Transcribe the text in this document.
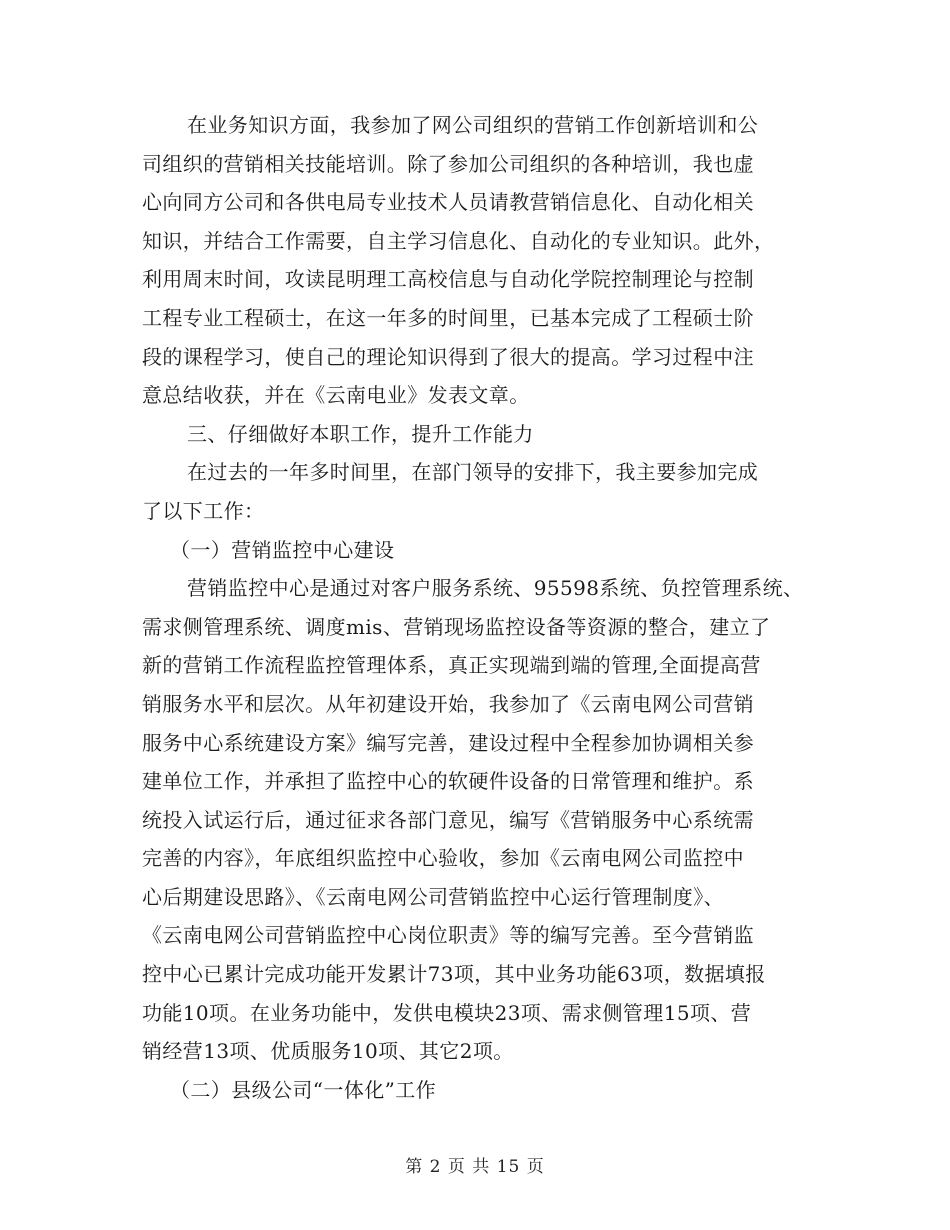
在业务知识方面，我参加了网公司组织的营销工作创新培训和公
司组织的营销相关技能培训。除了参加公司组织的各种培训，我也虚
心向同方公司和各供电局专业技术人员请教营销信息化、自动化相关
知识，并结合工作需要，自主学习信息化、自动化的专业知识。此外，
利用周末时间，攻读昆明理工高校信息与自动化学院控制理论与控制
工程专业工程硕士，在这一年多的时间里，已基本完成了工程硕士阶
段的课程学习，使自己的理论知识得到了很大的提高。学习过程中注
意总结收获，并在《云南电业》发表文章。
三、仔细做好本职工作，提升工作能力
在过去的一年多时间里，在部门领导的安排下，我主要参加完成
了以下工作：
（一）营销监控中心建设
营销监控中心是通过对客户服务系统、95598系统、负控管理系统、
需求侧管理系统、调度mis、营销现场监控设备等资源的整合，建立了
新的营销工作流程监控管理体系，真正实现端到端的管理,全面提高营
销服务水平和层次。从年初建设开始，我参加了《云南电网公司营销
服务中心系统建设方案》编写完善，建设过程中全程参加协调相关参
建单位工作，并承担了监控中心的软硬件设备的日常管理和维护。系
统投入试运行后，通过征求各部门意见，编写《营销服务中心系统需
完善的内容》，年底组织监控中心验收，参加《云南电网公司监控中
心后期建设思路》、《云南电网公司营销监控中心运行管理制度》、
《云南电网公司营销监控中心岗位职责》等的编写完善。至今营销监
控中心已累计完成功能开发累计73项，其中业务功能63项，数据填报
功能10项。在业务功能中，发供电模块23项、需求侧管理15项、营
销经营13项、优质服务10项、其它2项。
（二）县级公司“一体化”工作
第 2 页 共 15 页
